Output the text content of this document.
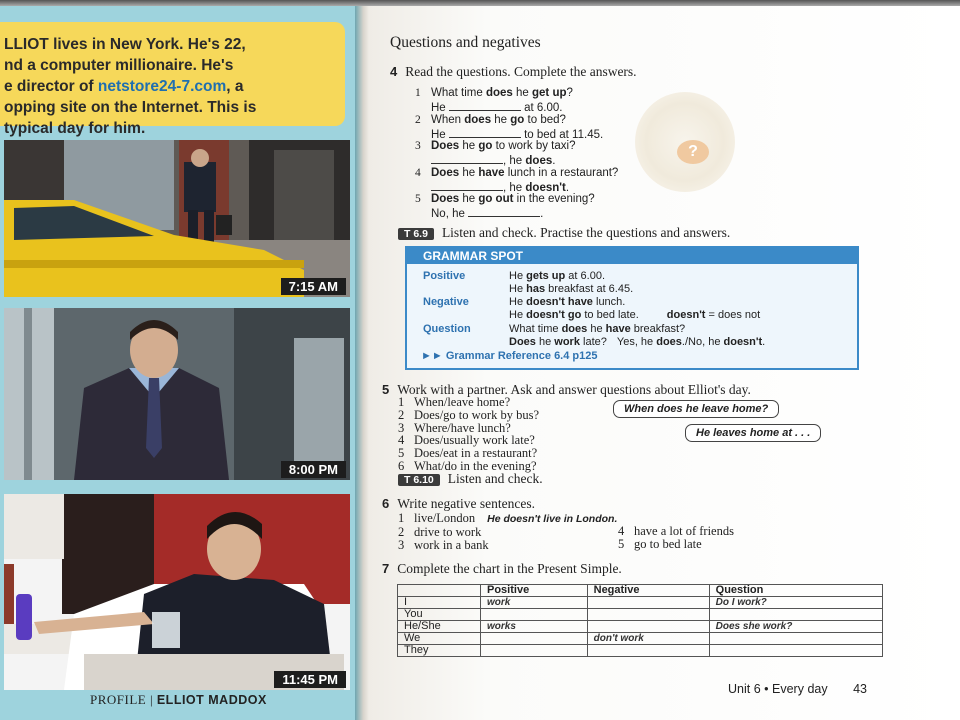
LLIOT lives in New York. He's 22,
nd a computer millionaire. He's
e director of netstore24-7.com, a
opping site on the Internet. This is
typical day for him.
7:15 AM
8:00 PM
11:45 PM
PROFILE | ELLIOT MADDOX
Questions and negatives
?
4 Read the questions. Complete the answers.
1 What time does he get up?
He	at 6.00.
2 When does he go to bed?
He	to bed at 11.45.
3 Does he go to work by taxi?
, he does.
4 Does he have lunch in a restaurant?
, he doesn't.
5 Does he go out in the evening?
No, he	.
T 6.9 Listen and check. Practise the questions and answers.
GRAMMAR SPOT
Positive	He gets up at 6.00.
He has breakfast at 6.45.
Negative	He doesn't have lunch.
He doesn't go to bed late.	doesn't = does not
Question	What time does he have breakfast?
Does he work late? Yes, he does./No, he doesn't.
►► Grammar Reference 6.4 p125
5 Work with a partner. Ask and answer questions about Elliot's day.
1 When/leave home?
2 Does/go to work by bus?
3 Where/have lunch?
4 Does/usually work late?
5 Does/eat in a restaurant?
6 What/do in the evening?
When does he leave home?
He leaves home at . . .
T 6.10 Listen and check.
6 Write negative sentences.
1 live/London He doesn't live in London.
2 drive to work
3 work in a bank
4 have a lot of friends
5 go to bed late
7 Complete the chart in the Present Simple.
	Positive	Negative	Question
I	work		Do I work?
You			
He/She	works		Does she work?
We		don't work	
They			
Unit 6 • Every day 43
